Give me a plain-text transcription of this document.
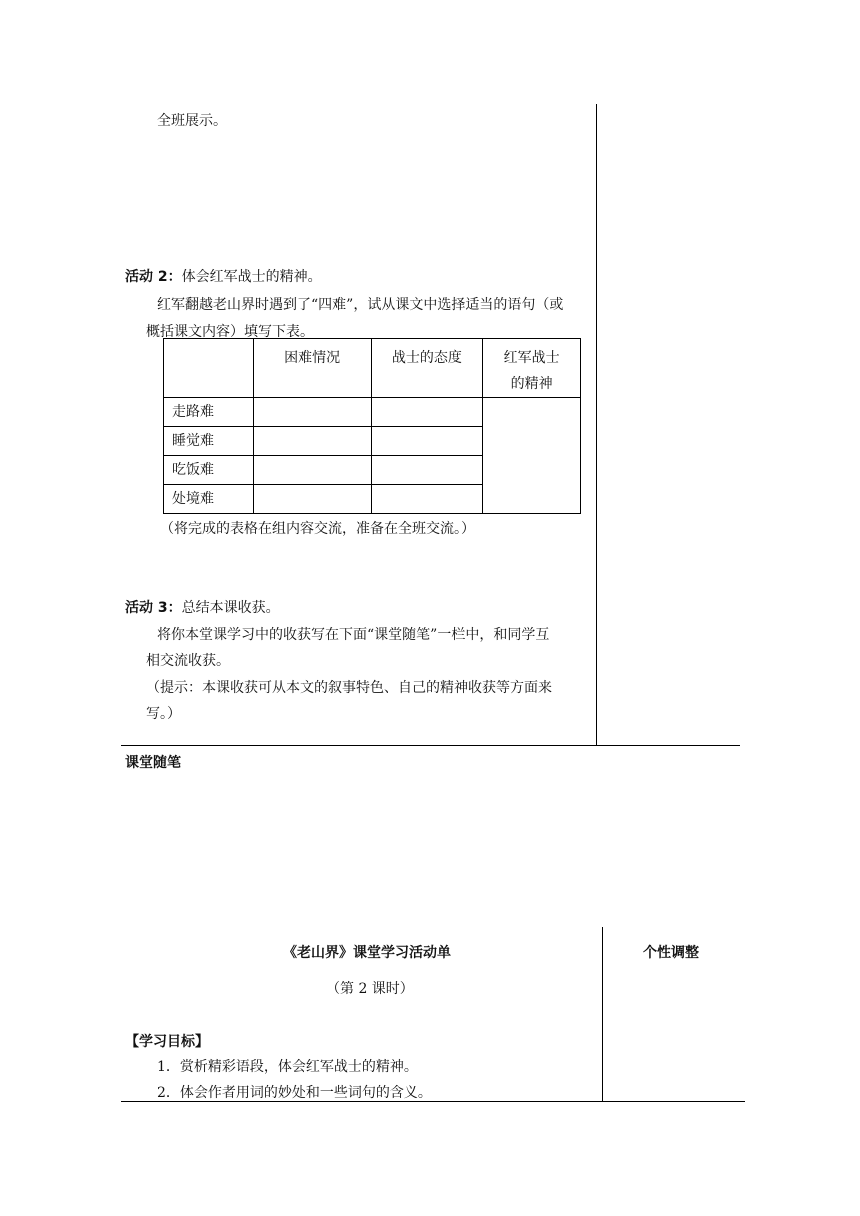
全班展示。
活动 2：体会红军战士的精神。
红军翻越老山界时遇到了“四难”，试从课文中选择适当的语句（或
概括课文内容）填写下表。

	困难情况	战士的态度	红军战士
的精神

走路难			
睡觉难			
吃饭难			
处境难			
（将完成的表格在组内容交流，准备在全班交流。）
活动 3：总结本课收获。
将你本堂课学习中的收获写在下面“课堂随笔”一栏中，和同学互
相交流收获。
（提示：本课收获可从本文的叙事特色、自己的精神收获等方面来
写。）
课堂随笔
《老山界》课堂学习活动单
（第 2 课时）
个性调整
【学习目标】
1．赏析精彩语段，体会红军战士的精神。
2．体会作者用词的妙处和一些词句的含义。
